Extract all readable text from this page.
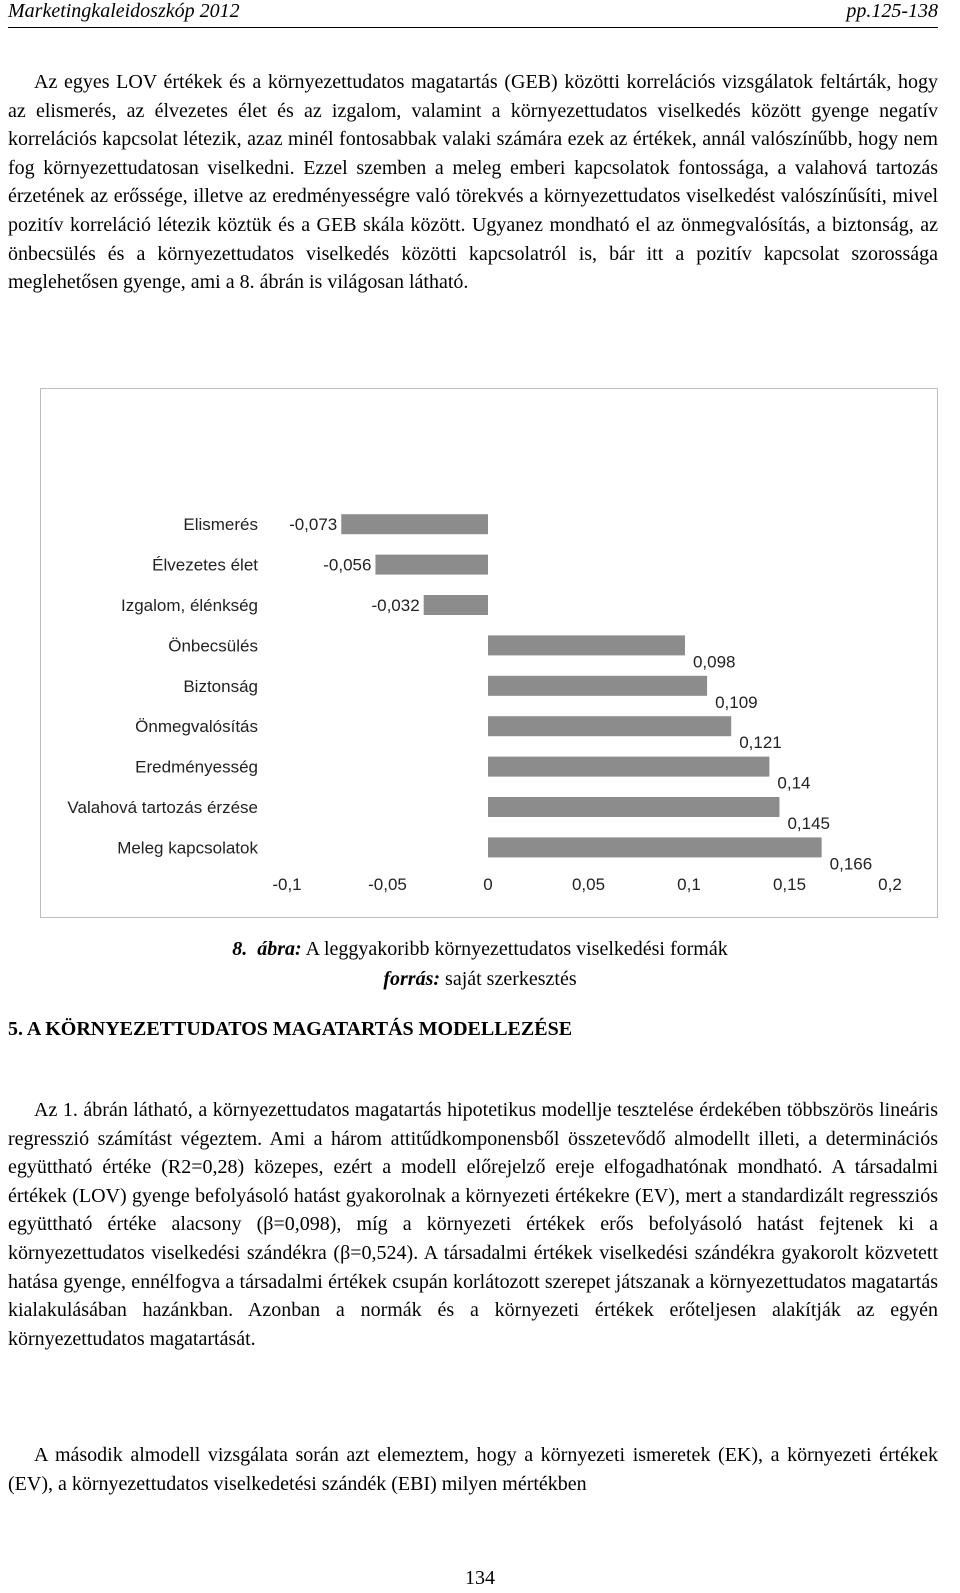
Marketingkaleidoszkóp 2012	pp.125-138

Az egyes LOV értékek és a környezettudatos magatartás (GEB) közötti korrelációs vizsgálatok feltárták, hogy az elismerés, az élvezetes élet és az izgalom, valamint a környezettudatos viselkedés között gyenge negatív korrelációs kapcsolat létezik, azaz minél fontosabbak valaki számára ezek az értékek, annál valószínűbb, hogy nem fog környezettudatosan viselkedni. Ezzel szemben a meleg emberi kapcsolatok fontossága, a valahová tartozás érzetének az erőssége, illetve az eredményességre való törekvés a környezettudatos viselkedést valószínűsíti, mivel pozitív korreláció létezik köztük és a GEB skála között. Ugyanez mondható el az önmegvalósítás, a biztonság, az önbecsülés és a környezettudatos viselkedés közötti kapcsolatról is, bár itt a pozitív kapcsolat szorossága meglehetősen gyenge, ami a 8. ábrán is világosan látható.

Elismerés -0,073
Élvezetes élet	-0,056
Izgalom, élénkség	-0,032
Önbecsülés
0,098
Biztonság
0,109
Önmegvalósítás
0,121
Eredményesség
0,14
Valahová tartozás érzése
0,145
Meleg kapcsolatok
0,166
-0,1	-0,05	0	0,05	0,1	0,15	0,2
8. ábra: A leggyakoribb környezettudatos viselkedési formák
forrás: saját szerkesztés
5. A KÖRNYEZETTUDATOS MAGATARTÁS MODELLEZÉSE

Az 1. ábrán látható, a környezettudatos magatartás hipotetikus modellje tesztelése érdekében többszörös lineáris regresszió számítást végeztem. Ami a három attitűdkomponensből összetevődő almodellt illeti, a determinációs együttható értéke (R2=0,28) közepes, ezért a modell előrejelző ereje elfogadhatónak mondható. A társadalmi értékek (LOV) gyenge befolyásoló hatást gyakorolnak a környezeti értékekre (EV), mert a standardizált regressziós együttható értéke alacsony (β=0,098), míg a környezeti értékek erős befolyásoló hatást fejtenek ki a környezettudatos viselkedési szándékra (β=0,524). A társadalmi értékek viselkedési szándékra gyakorolt közvetett hatása gyenge, ennélfogva a társadalmi értékek csupán korlátozott szerepet játszanak a környezettudatos magatartás kialakulásában hazánkban. Azonban a normák és a környezeti értékek erőteljesen alakítják az egyén környezettudatos magatartását.

A második almodell vizsgálata során azt elemeztem, hogy a környezeti ismeretek (EK), a környezeti értékek (EV), a környezettudatos viselkedetési szándék (EBI) milyen mértékben

134
